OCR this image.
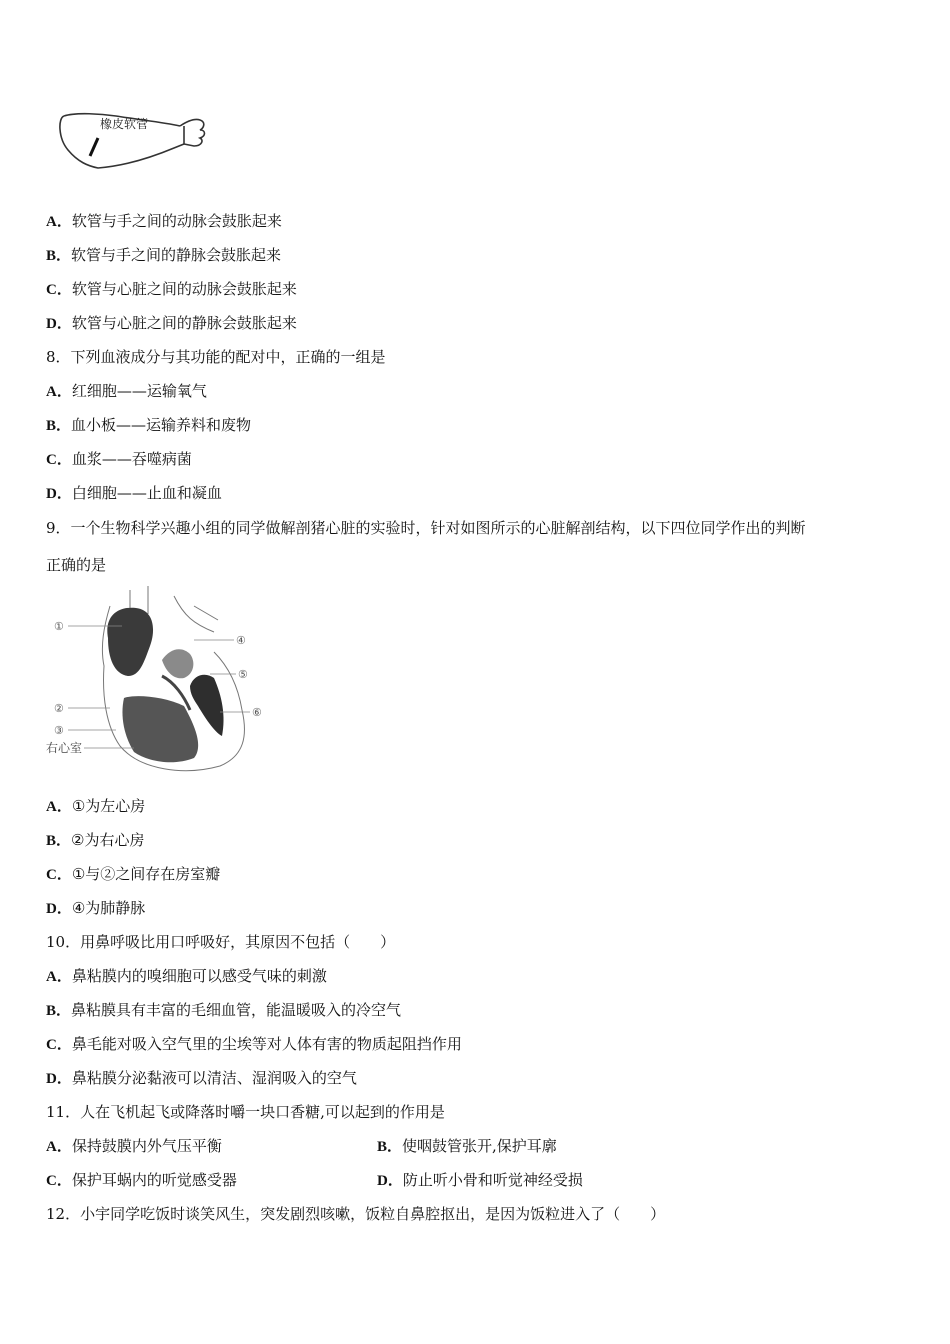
橡皮软管
A．软管与手之间的动脉会鼓胀起来
B．软管与手之间的静脉会鼓胀起来
C．软管与心脏之间的动脉会鼓胀起来
D．软管与心脏之间的静脉会鼓胀起来
8．下列血液成分与其功能的配对中，正确的一组是
A．红细胞——运输氧气
B．血小板——运输养料和废物
C．血浆——吞噬病菌
D．白细胞——止血和凝血
9．一个生物科学兴趣小组的同学做解剖猪心脏的实验时，针对如图所示的心脏解剖结构，以下四位同学作出的判断
正确的是
①
④
⑤
⑥
②
③
右心室
A．①为左心房
B．②为右心房
C．①与②之间存在房室瓣
D．④为肺静脉
10．用鼻呼吸比用口呼吸好，其原因不包括（　　）
A．鼻粘膜内的嗅细胞可以感受气味的刺激
B．鼻粘膜具有丰富的毛细血管，能温暖吸入的冷空气
C．鼻毛能对吸入空气里的尘埃等对人体有害的物质起阻挡作用
D．鼻粘膜分泌黏液可以清洁、湿润吸入的空气
11．人在飞机起飞或降落时嚼一块口香糖,可以起到的作用是
A．保持鼓膜内外气压平衡	B．使咽鼓管张开,保护耳廓
C．保护耳蜗内的听觉感受器	D．防止听小骨和听觉神经受损
12．小宇同学吃饭时谈笑风生，突发剧烈咳嗽，饭粒自鼻腔抠出，是因为饭粒进入了（　　）
